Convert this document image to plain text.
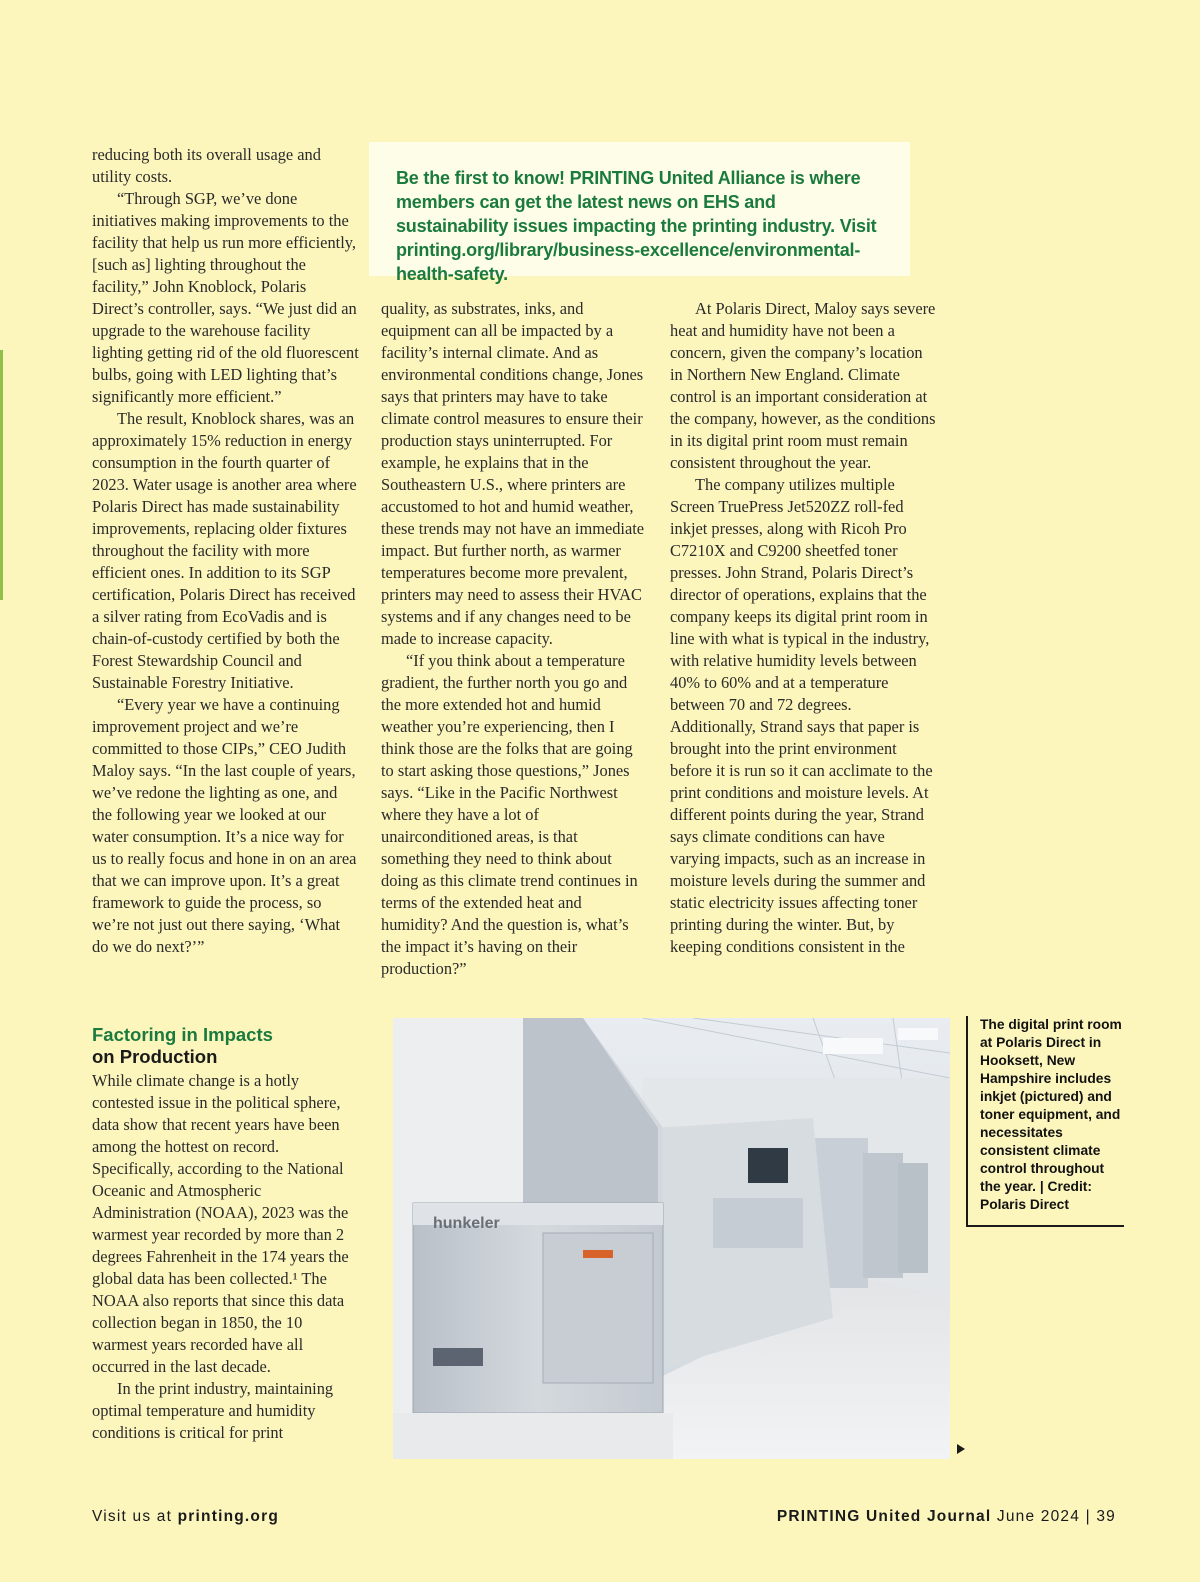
reducing both its overall usage and utility costs.

“Through SGP, we’ve done initiatives making improvements to the facility that help us run more efficiently, [such as] lighting throughout the facility,” John Knoblock, Polaris Direct’s controller, says. “We just did an upgrade to the warehouse facility lighting getting rid of the old fluorescent bulbs, going with LED lighting that’s significantly more efficient.”

The result, Knoblock shares, was an approximately 15% reduction in energy consumption in the fourth quarter of 2023. Water usage is another area where Polaris Direct has made sustainability improvements, replacing older fixtures throughout the facility with more efficient ones. In addition to its SGP certification, Polaris Direct has received a silver rating from EcoVadis and is chain-of-custody certified by both the Forest Stewardship Council and Sustainable Forestry Initiative.

“Every year we have a continuing improvement project and we’re committed to those CIPs,” CEO Judith Maloy says. “In the last couple of years, we’ve redone the lighting as one, and the following year we looked at our water consumption. It’s a nice way for us to really focus and hone in on an area that we can improve upon. It’s a great framework to guide the process, so we’re not just out there saying, ‘What do we do next?’”

Be the first to know! PRINTING United Alliance is where members can get the latest news on EHS and sustainability issues impacting the printing industry. Visit printing.org/library/business-excellence/environmental-health-safety.
Factoring in Impacts
on Production

While climate change is a hotly contested issue in the political sphere, data show that recent years have been among the hottest on record. Specifically, according to the National Oceanic and Atmospheric Administration (NOAA), 2023 was the warmest year recorded by more than 2 degrees Fahrenheit in the 174 years the global data has been collected.¹ The NOAA also reports that since this data collection began in 1850, the 10 warmest years recorded have all occurred in the last decade.

In the print industry, maintaining optimal temperature and humidity conditions is critical for print

quality, as substrates, inks, and equipment can all be impacted by a facility’s internal climate. And as environmental conditions change, Jones says that printers may have to take climate control measures to ensure their production stays uninterrupted. For example, he explains that in the Southeastern U.S., where printers are accustomed to hot and humid weather, these trends may not have an immediate impact. But further north, as warmer temperatures become more prevalent, printers may need to assess their HVAC systems and if any changes need to be made to increase capacity.

“If you think about a temperature gradient, the further north you go and the more extended hot and humid weather you’re experiencing, then I think those are the folks that are going to start asking those questions,” Jones says. “Like in the Pacific Northwest where they have a lot of unairconditioned areas, is that something they need to think about doing as this climate trend continues in terms of the extended heat and humidity? And the question is, what’s the impact it’s having on their production?”

At Polaris Direct, Maloy says severe heat and humidity have not been a concern, given the company’s location in Northern New England. Climate control is an important consideration at the company, however, as the conditions in its digital print room must remain consistent throughout the year.

The company utilizes multiple Screen TruePress Jet520ZZ roll-fed inkjet presses, along with Ricoh Pro C7210X and C9200 sheetfed toner presses. John Strand, Polaris Direct’s director of operations, explains that the company keeps its digital print room in line with what is typical in the industry, with relative humidity levels between 40% to 60% and at a temperature between 70 and 72 degrees. Additionally, Strand says that paper is brought into the print environment before it is run so it can acclimate to the print conditions and moisture levels. At different points during the year, Strand says climate conditions can have varying impacts, such as an increase in moisture levels during the summer and static electricity issues affecting toner printing during the winter. But, by keeping conditions consistent in the

hunkeler
The digital print room at Polaris Direct in Hooksett, New Hampshire includes inkjet (pictured) and toner equipment, and necessitates consistent climate control throughout the year. | Credit: Polaris Direct
Visit us at printing.org	PRINTING United Journal June 2024 | 39
